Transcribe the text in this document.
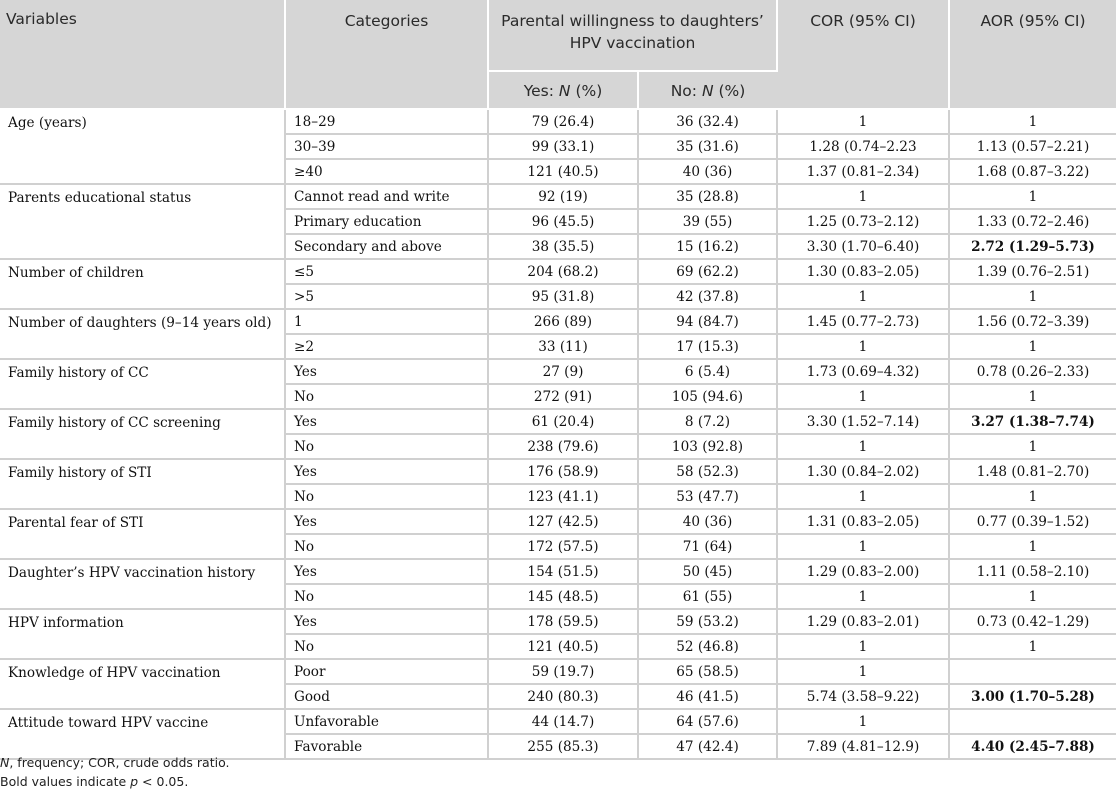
Variables	Categories	Parental willingness to daughters’ HPV vaccination		COR (95% CI)	AOR (95% CI)
		Yes: N (%)	No: N (%)		
Age (years)	18–29	79 (26.4)	36 (32.4)	1	1
	30–39	99 (33.1)	35 (31.6)	1.28 (0.74–2.23	1.13 (0.57–2.21)
	≥40	121 (40.5)	40 (36)	1.37 (0.81–2.34)	1.68 (0.87–3.22)
Parents educational status	Cannot read and write	92 (19)	35 (28.8)	1	1
	Primary education	96 (45.5)	39 (55)	1.25 (0.73–2.12)	1.33 (0.72–2.46)
	Secondary and above	38 (35.5)	15 (16.2)	3.30 (1.70–6.40)	2.72 (1.29–5.73)
Number of children	≤5	204 (68.2)	69 (62.2)	1.30 (0.83–2.05)	1.39 (0.76–2.51)
	>5	95 (31.8)	42 (37.8)	1	1
Number of daughters (9–14 years old)	1	266 (89)	94 (84.7)	1.45 (0.77–2.73)	1.56 (0.72–3.39)
	≥2	33 (11)	17 (15.3)	1	1
Family history of CC	Yes	27 (9)	6 (5.4)	1.73 (0.69–4.32)	0.78 (0.26–2.33)
	No	272 (91)	105 (94.6)	1	1
Family history of CC screening	Yes	61 (20.4)	8 (7.2)	3.30 (1.52–7.14)	3.27 (1.38–7.74)
	No	238 (79.6)	103 (92.8)	1	1
Family history of STI	Yes	176 (58.9)	58 (52.3)	1.30 (0.84–2.02)	1.48 (0.81–2.70)
	No	123 (41.1)	53 (47.7)	1	1
Parental fear of STI	Yes	127 (42.5)	40 (36)	1.31 (0.83–2.05)	0.77 (0.39–1.52)
	No	172 (57.5)	71 (64)	1	1
Daughter’s HPV vaccination history	Yes	154 (51.5)	50 (45)	1.29 (0.83–2.00)	1.11 (0.58–2.10)
	No	145 (48.5)	61 (55)	1	1
HPV information	Yes	178 (59.5)	59 (53.2)	1.29 (0.83–2.01)	0.73 (0.42–1.29)
	No	121 (40.5)	52 (46.8)	1	1
Knowledge of HPV vaccination	Poor	59 (19.7)	65 (58.5)	1	
	Good	240 (80.3)	46 (41.5)	5.74 (3.58–9.22)	3.00 (1.70–5.28)
Attitude toward HPV vaccine	Unfavorable	44 (14.7)	64 (57.6)	1	
	Favorable	255 (85.3)	47 (42.4)	7.89 (4.81–12.9)	4.40 (2.45–7.88)
N, frequency; COR, crude odds ratio.
Bold values indicate p < 0.05.
